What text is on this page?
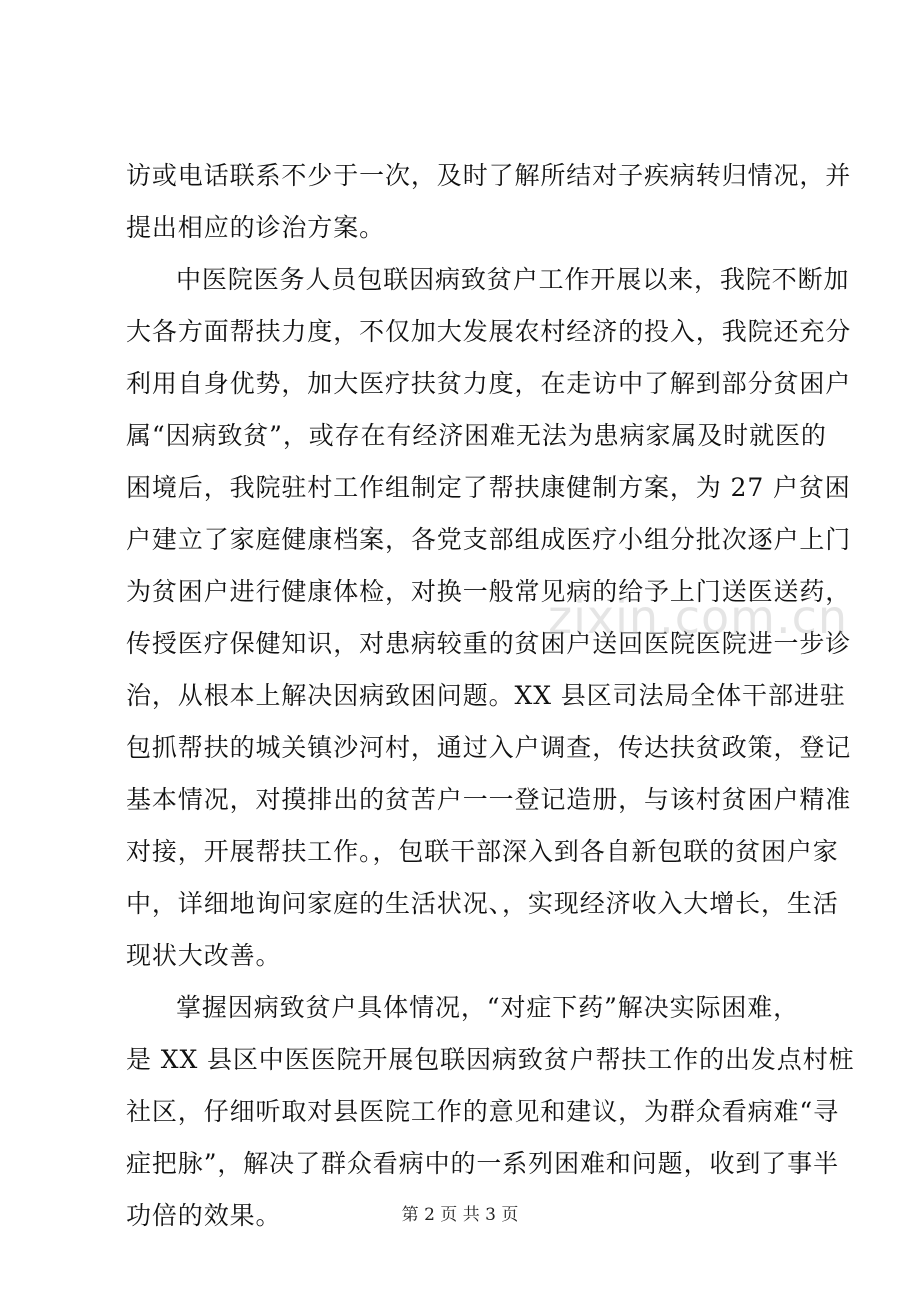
访或电话联系不少于一次，及时了解所结对子疾病转归情况，并
提出相应的诊治方案。
中医院医务人员包联因病致贫户工作开展以来，我院不断加
大各方面帮扶力度，不仅加大发展农村经济的投入，我院还充分
利用自身优势，加大医疗扶贫力度，在走访中了解到部分贫困户
属“因病致贫”，或存在有经济困难无法为患病家属及时就医的
困境后，我院驻村工作组制定了帮扶康健制方案，为 27 户贫困
户建立了家庭健康档案，各党支部组成医疗小组分批次逐户上门
为贫困户进行健康体检，对换一般常见病的给予上门送医送药，
传授医疗保健知识，对患病较重的贫困户送回医院医院进一步诊
治，从根本上解决因病致困问题。XX 县区司法局全体干部进驻
包抓帮扶的城关镇沙河村，通过入户调查，传达扶贫政策，登记
基本情况，对摸排出的贫苦户一一登记造册，与该村贫困户精准
对接，开展帮扶工作。，包联干部深入到各自新包联的贫困户家
中，详细地询问家庭的生活状况、，实现经济收入大增长，生活
现状大改善。
掌握因病致贫户具体情况，“对症下药”解决实际困难，
是 XX 县区中医医院开展包联因病致贫户帮扶工作的出发点村桩
社区，仔细听取对县医院工作的意见和建议，为群众看病难“寻
症把脉”，解决了群众看病中的一系列困难和问题，收到了事半
功倍的效果。
zixin.com.cn
第 2 页 共 3 页
